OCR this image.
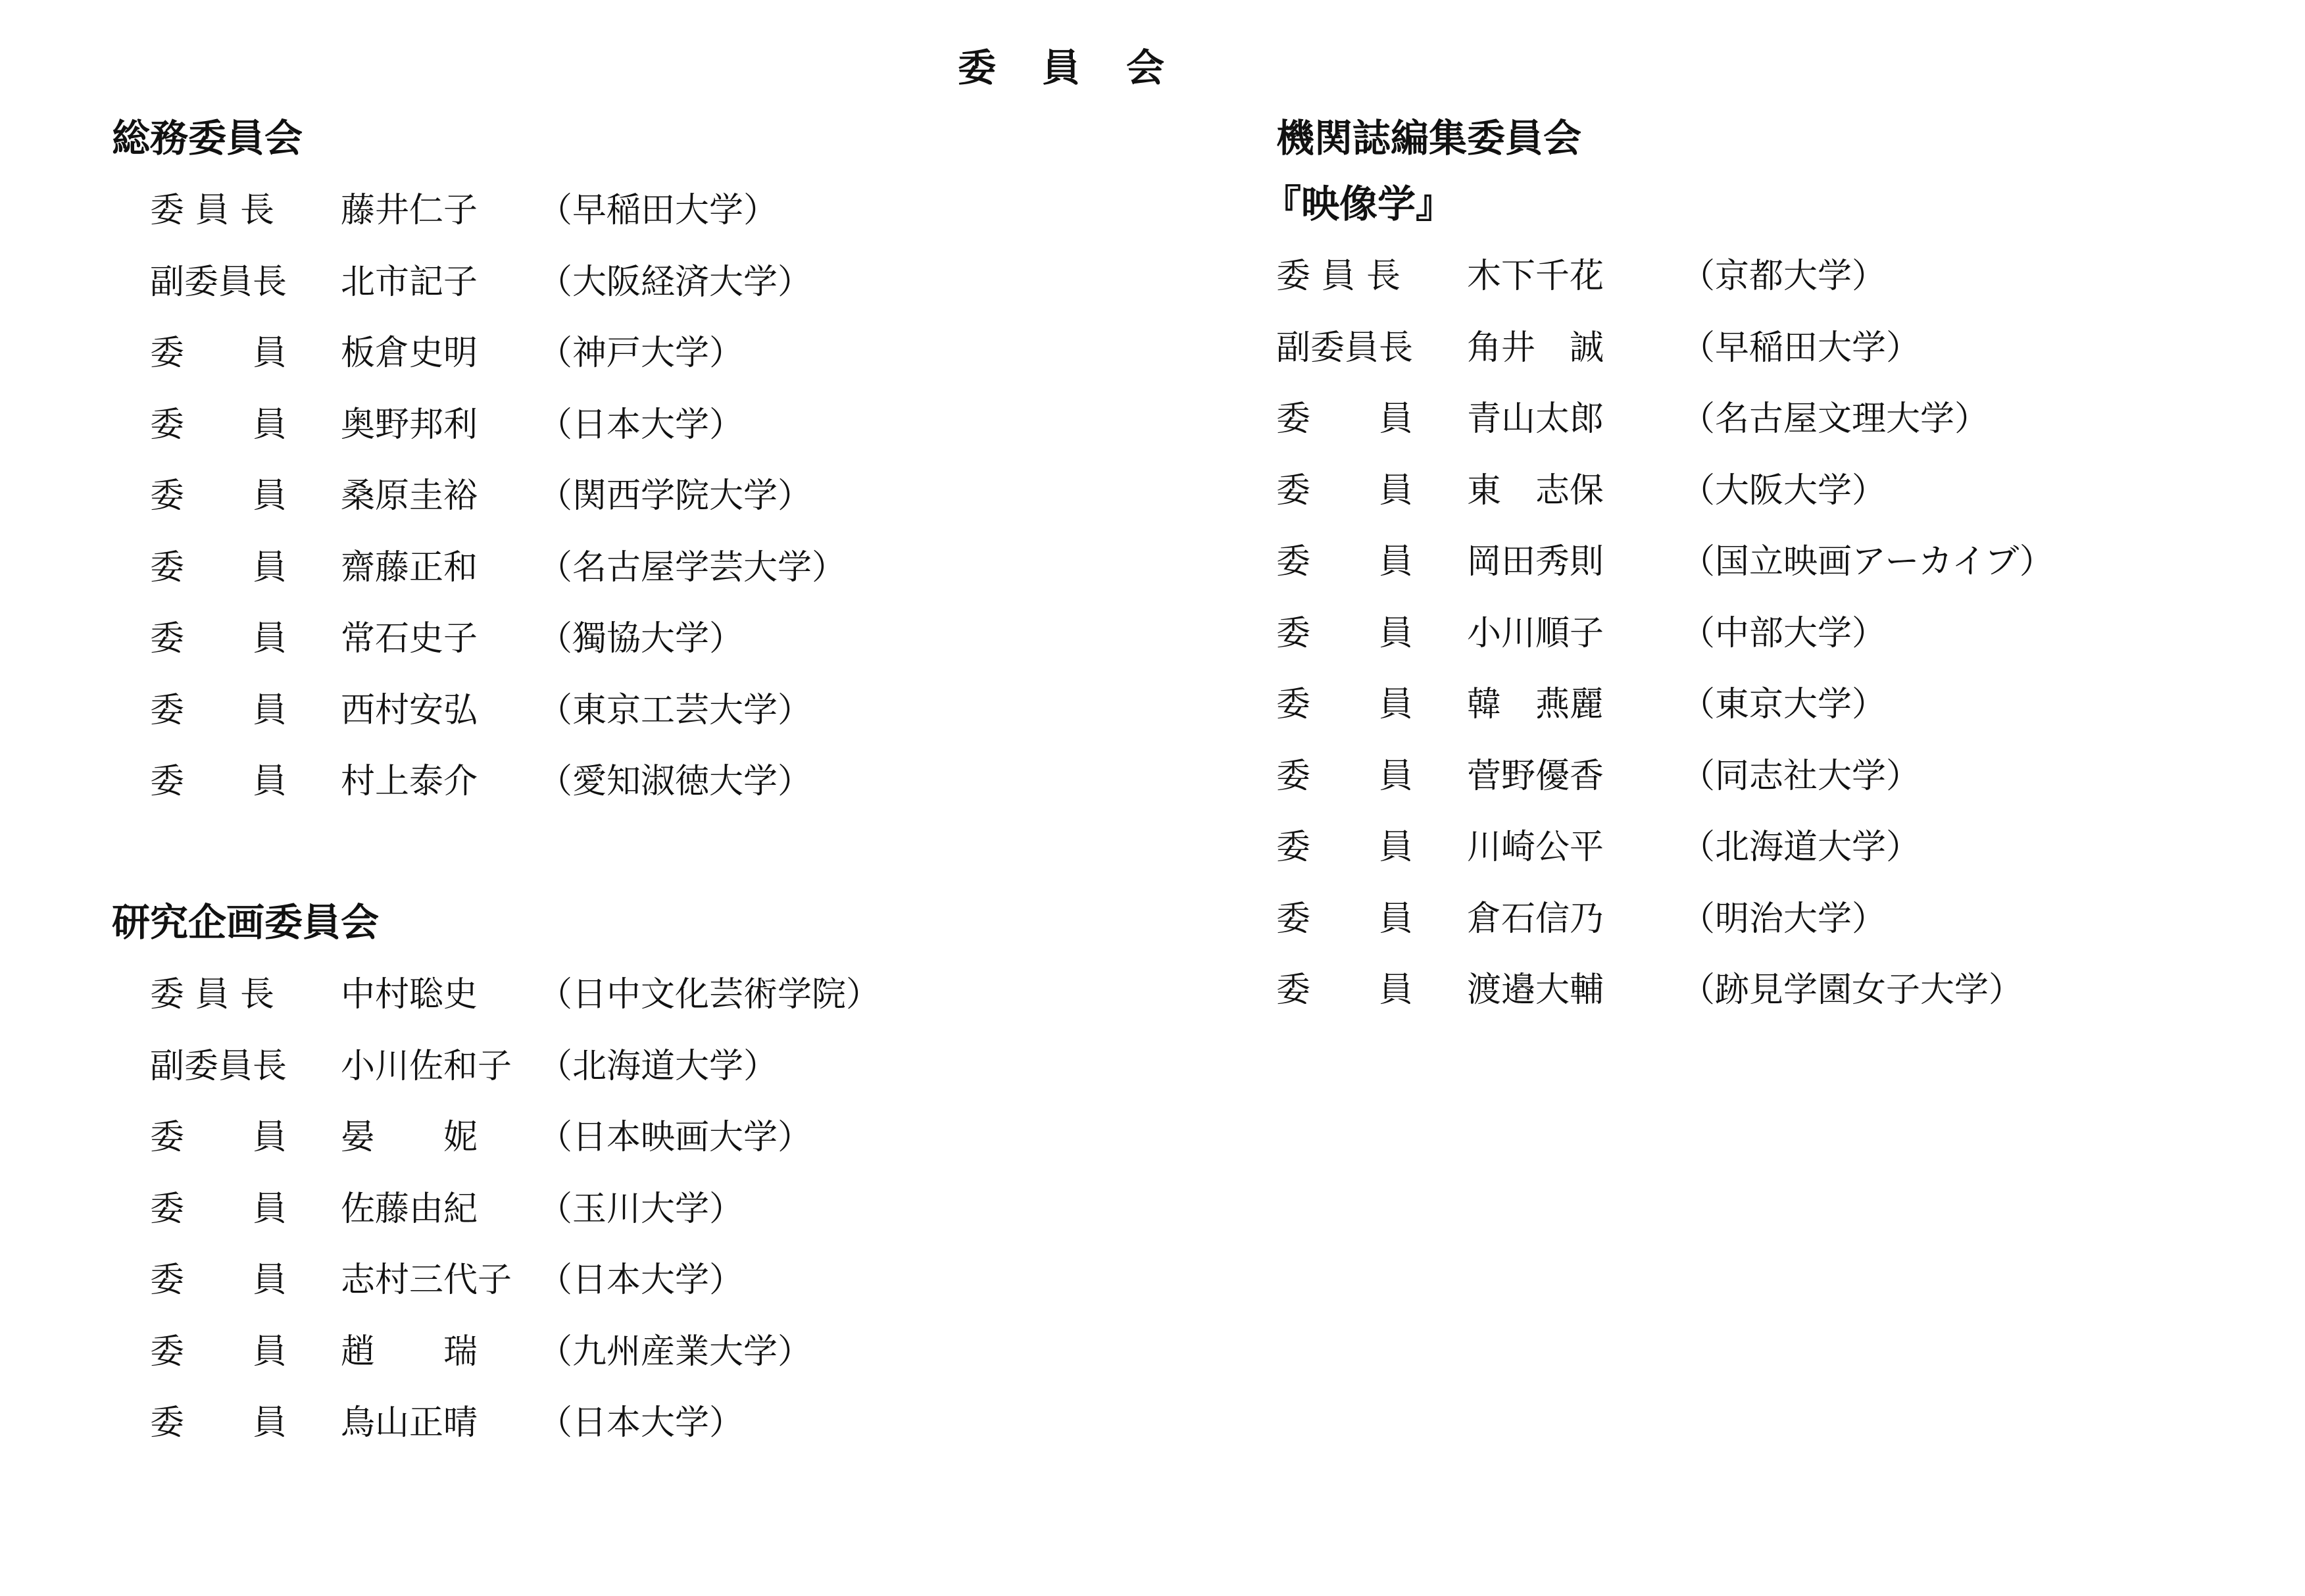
委員会
総務委員会
委 員 長	藤井仁子	（早稲田大学）
副委員長	北市記子	（大阪経済大学）
委　　員	板倉史明	（神戸大学）
委　　員	奥野邦利	（日本大学）
委　　員	桑原圭裕	（関西学院大学）
委　　員	齋藤正和	（名古屋学芸大学）
委　　員	常石史子	（獨協大学）
委　　員	西村安弘	（東京工芸大学）
委　　員	村上泰介	（愛知淑徳大学）
研究企画委員会
委 員 長	中村聡史	（日中文化芸術学院）
副委員長	小川佐和子 （北海道大学）
委　　員	晏　　妮	（日本映画大学）
委　　員	佐藤由紀	（玉川大学）
委　　員	志村三代子 （日本大学）
委　　員	趙　　瑞	（九州産業大学）
委　　員	鳥山正晴	（日本大学）
機関誌編集委員会
『映像学』
委 員 長	木下千花	（京都大学）
副委員長	角井　誠	（早稲田大学）
委　　員	青山太郎	（名古屋文理大学）
委　　員	東　志保	（大阪大学）
委　　員	岡田秀則	（国立映画アーカイブ）
委　　員	小川順子	（中部大学）
委　　員	韓　燕麗	（東京大学）
委　　員	菅野優香	（同志社大学）
委　　員	川崎公平	（北海道大学）
委　　員	倉石信乃	（明治大学）
委　　員	渡邉大輔	（跡見学園女子大学）
